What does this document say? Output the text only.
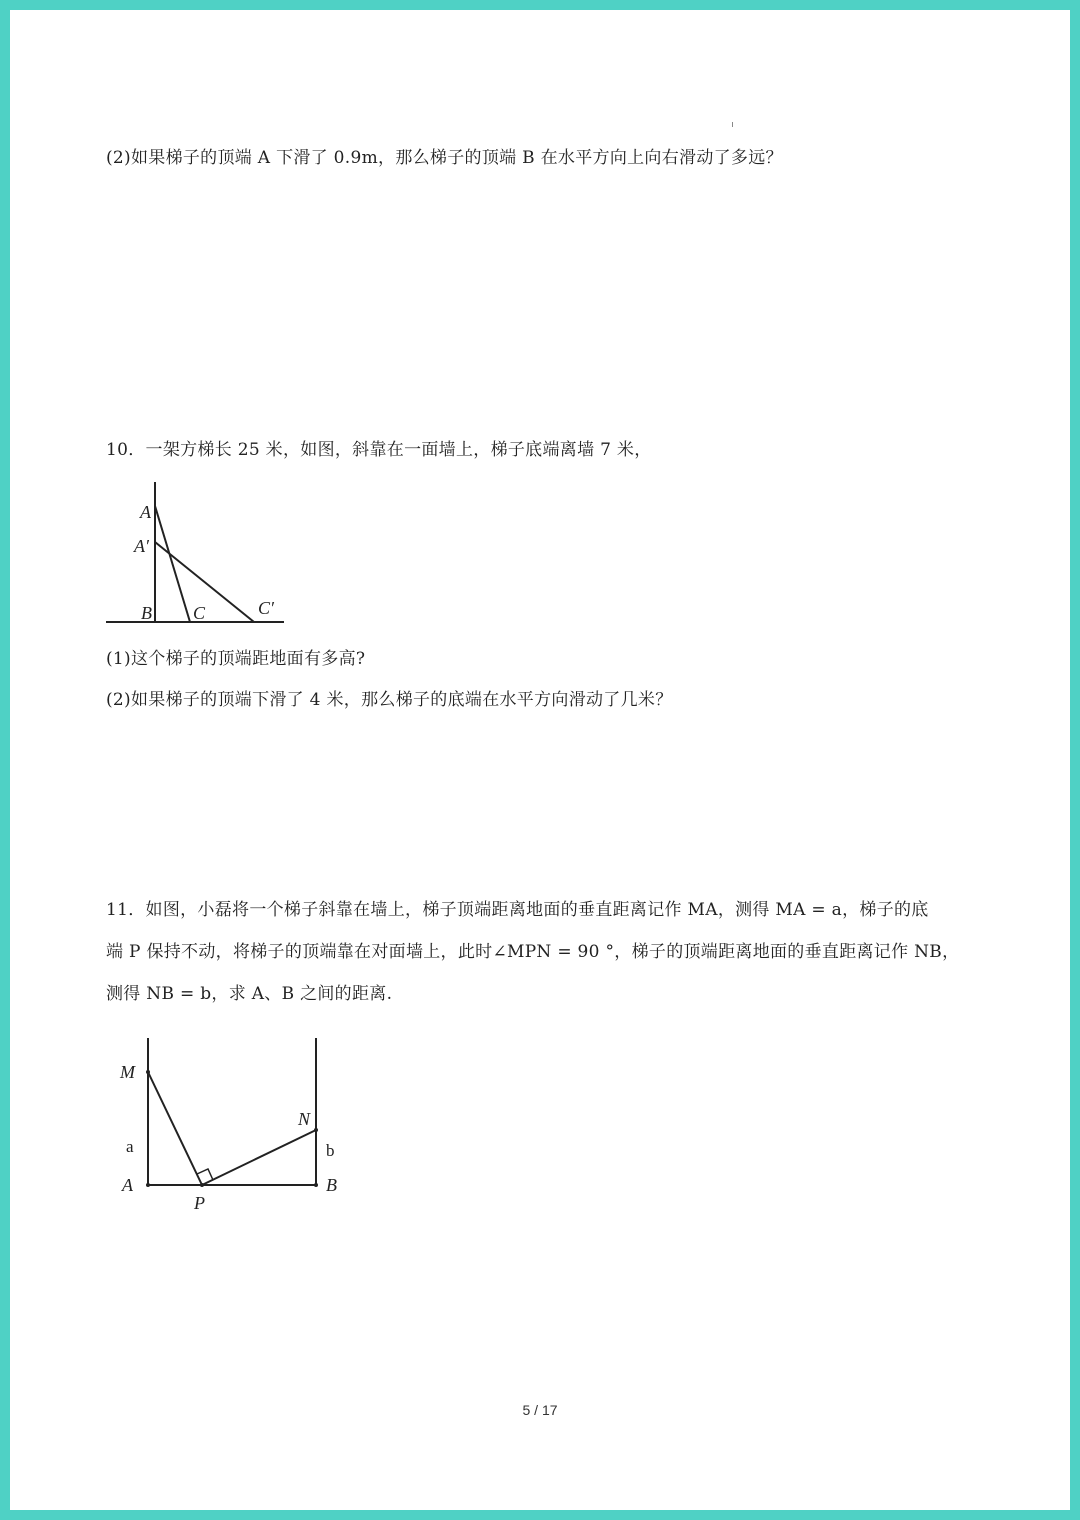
(2)如果梯子的顶端 A 下滑了 0.9m，那么梯子的顶端 B 在水平方向上向右滑动了多远？
10．一架方梯长 25 米，如图，斜靠在一面墙上，梯子底端离墙 7 米，
A
A′
B C	C′
(1)这个梯子的顶端距地面有多高?
(2)如果梯子的顶端下滑了 4 米，那么梯子的底端在水平方向滑动了几米？
11．如图，小磊将一个梯子斜靠在墙上，梯子顶端距离地面的垂直距离记作 MA，测得 MA = a，梯子的底
端 P 保持不动，将梯子的顶端靠在对面墙上，此时∠MPN = 90 °，梯子的顶端距离地面的垂直距离记作 NB，
测得 NB = b，求 A、B 之间的距离.
M
N
a	b
A	B
P
5 / 17
